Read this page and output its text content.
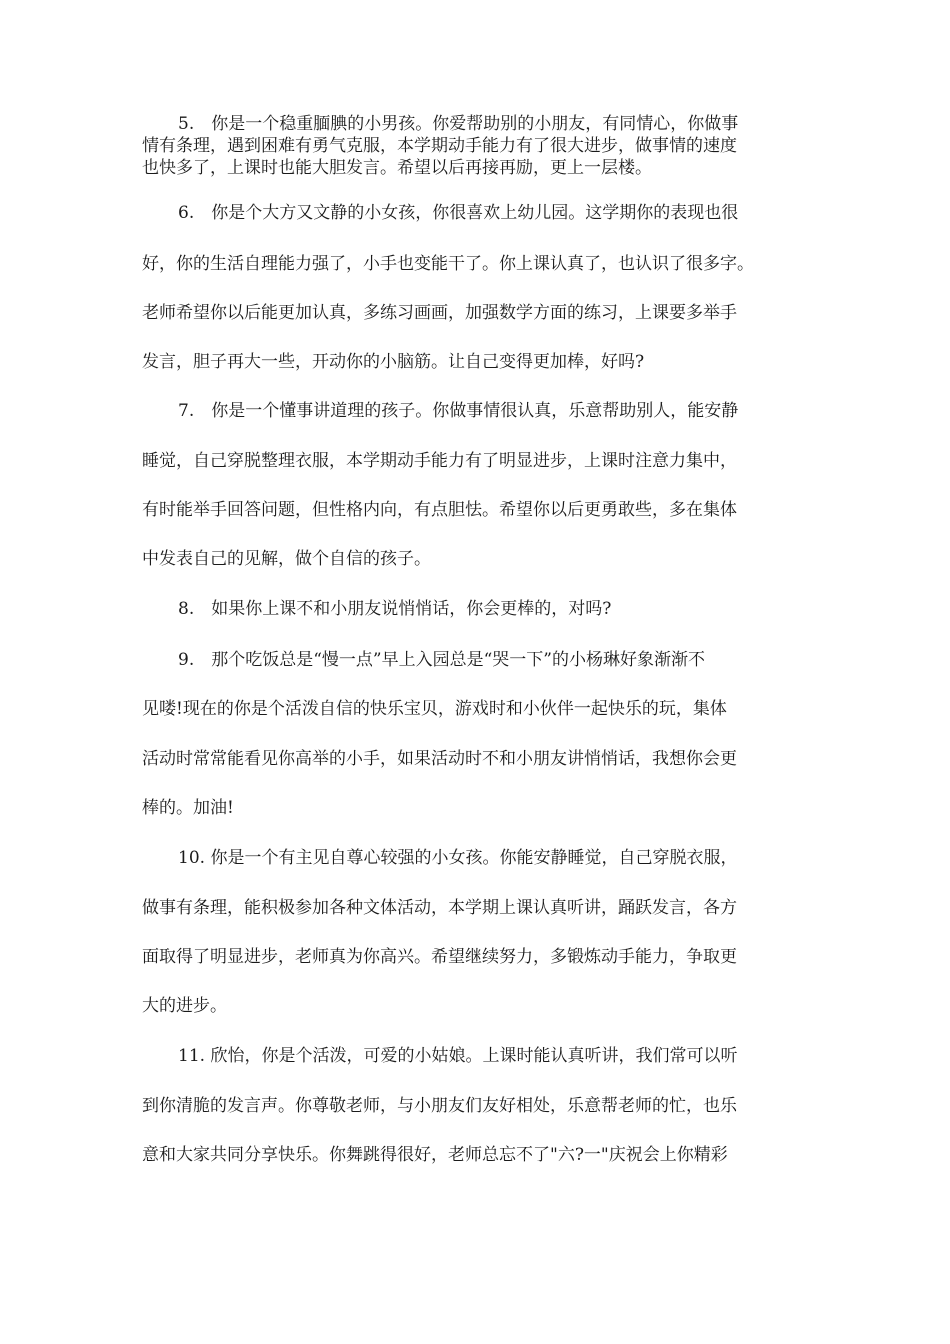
5.　你是一个稳重腼腆的小男孩。你爱帮助别的小朋友，有同情心，你做事
情有条理，遇到困难有勇气克服，本学期动手能力有了很大进步，做事情的速度
也快多了，上课时也能大胆发言。希望以后再接再励，更上一层楼。
6.　你是个大方又文静的小女孩，你很喜欢上幼儿园。这学期你的表现也很
好，你的生活自理能力强了，小手也变能干了。你上课认真了，也认识了很多字。
老师希望你以后能更加认真，多练习画画，加强数学方面的练习，上课要多举手
发言，胆子再大一些，开动你的小脑筋。让自己变得更加棒，好吗?
7.　你是一个懂事讲道理的孩子。你做事情很认真，乐意帮助别人，能安静
睡觉，自己穿脱整理衣服，本学期动手能力有了明显进步，上课时注意力集中，
有时能举手回答问题，但性格内向，有点胆怯。希望你以后更勇敢些，多在集体
中发表自己的见解，做个自信的孩子。
8.　如果你上课不和小朋友说悄悄话，你会更棒的，对吗?
9.　那个吃饭总是“慢一点”早上入园总是“哭一下”的小杨琳好象渐渐不
见喽!现在的你是个活泼自信的快乐宝贝，游戏时和小伙伴一起快乐的玩，集体
活动时常常能看见你高举的小手，如果活动时不和小朋友讲悄悄话，我想你会更
棒的。加油!
10. 你是一个有主见自尊心较强的小女孩。你能安静睡觉，自己穿脱衣服，
做事有条理，能积极参加各种文体活动，本学期上课认真听讲，踊跃发言，各方
面取得了明显进步，老师真为你高兴。希望继续努力，多锻炼动手能力，争取更
大的进步。
11. 欣怡，你是个活泼，可爱的小姑娘。上课时能认真听讲，我们常可以听
到你清脆的发言声。你尊敬老师，与小朋友们友好相处，乐意帮老师的忙，也乐
意和大家共同分享快乐。你舞跳得很好，老师总忘不了"六?一"庆祝会上你精彩
